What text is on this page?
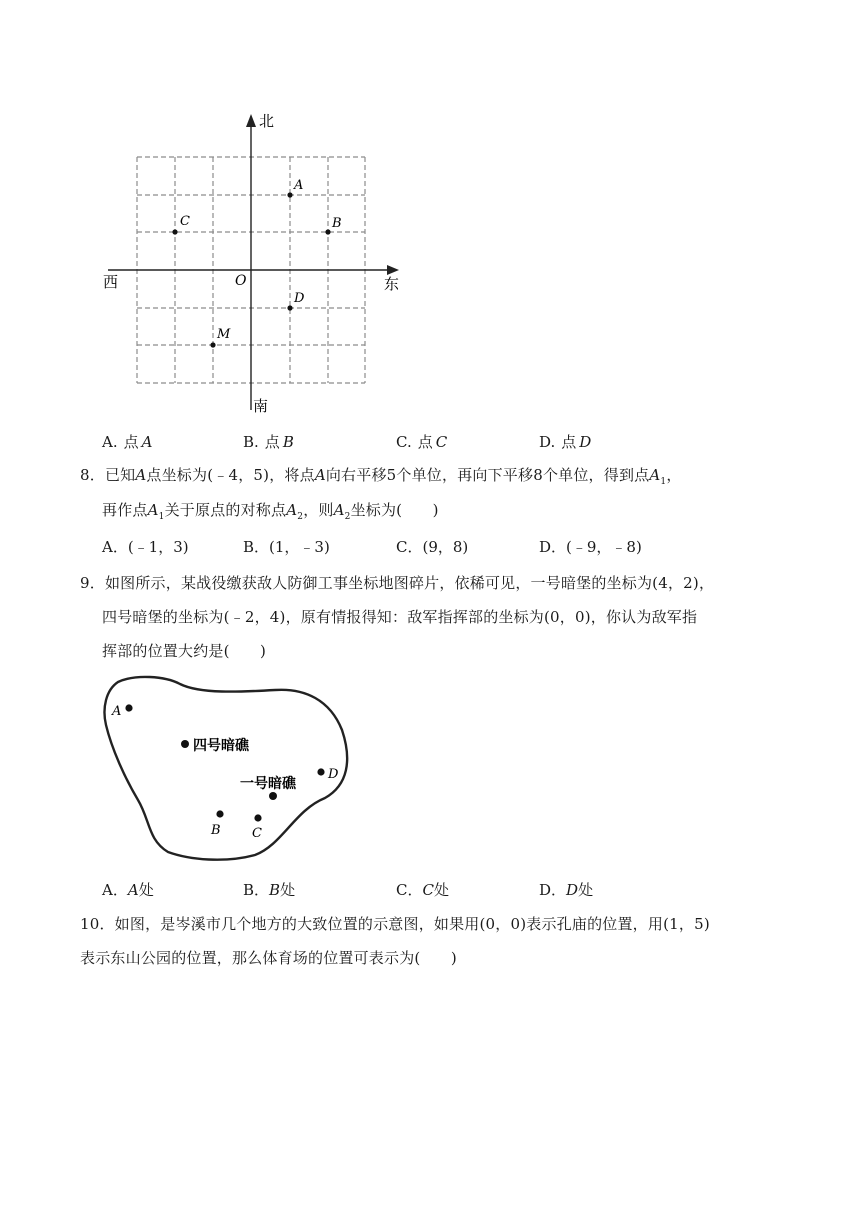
北
南
西	东
O
A
B
C
D
M
A. 点 A	B. 点 B	C. 点 C	D. 点 D
8．已知A点坐标为(﹣4，5)，将点A向右平移5个单位，再向下平移8个单位，得到点$A_1$，
再作点$A_1$关于原点的对称点$A_2$，则$A_2$坐标为(　　)
A．(﹣1，3)	B．(1，﹣3)	C．(9，8)	D．(﹣9，﹣8)
9．如图所示，某战役缴获敌人防御工事坐标地图碎片，依稀可见，一号暗堡的坐标为(4，2)，
四号暗堡的坐标为(﹣2，4)，原有情报得知：敌军指挥部的坐标为(0，0)，你认为敌军指
挥部的位置大约是(　　)
A
四号暗礁
一号暗礁
D
B C
A．A处	B．B处	C．C处	D．D处
10．如图，是岑溪市几个地方的大致位置的示意图，如果用(0，0)表示孔庙的位置，用(1，5)
表示东山公园的位置，那么体育场的位置可表示为(　　)
